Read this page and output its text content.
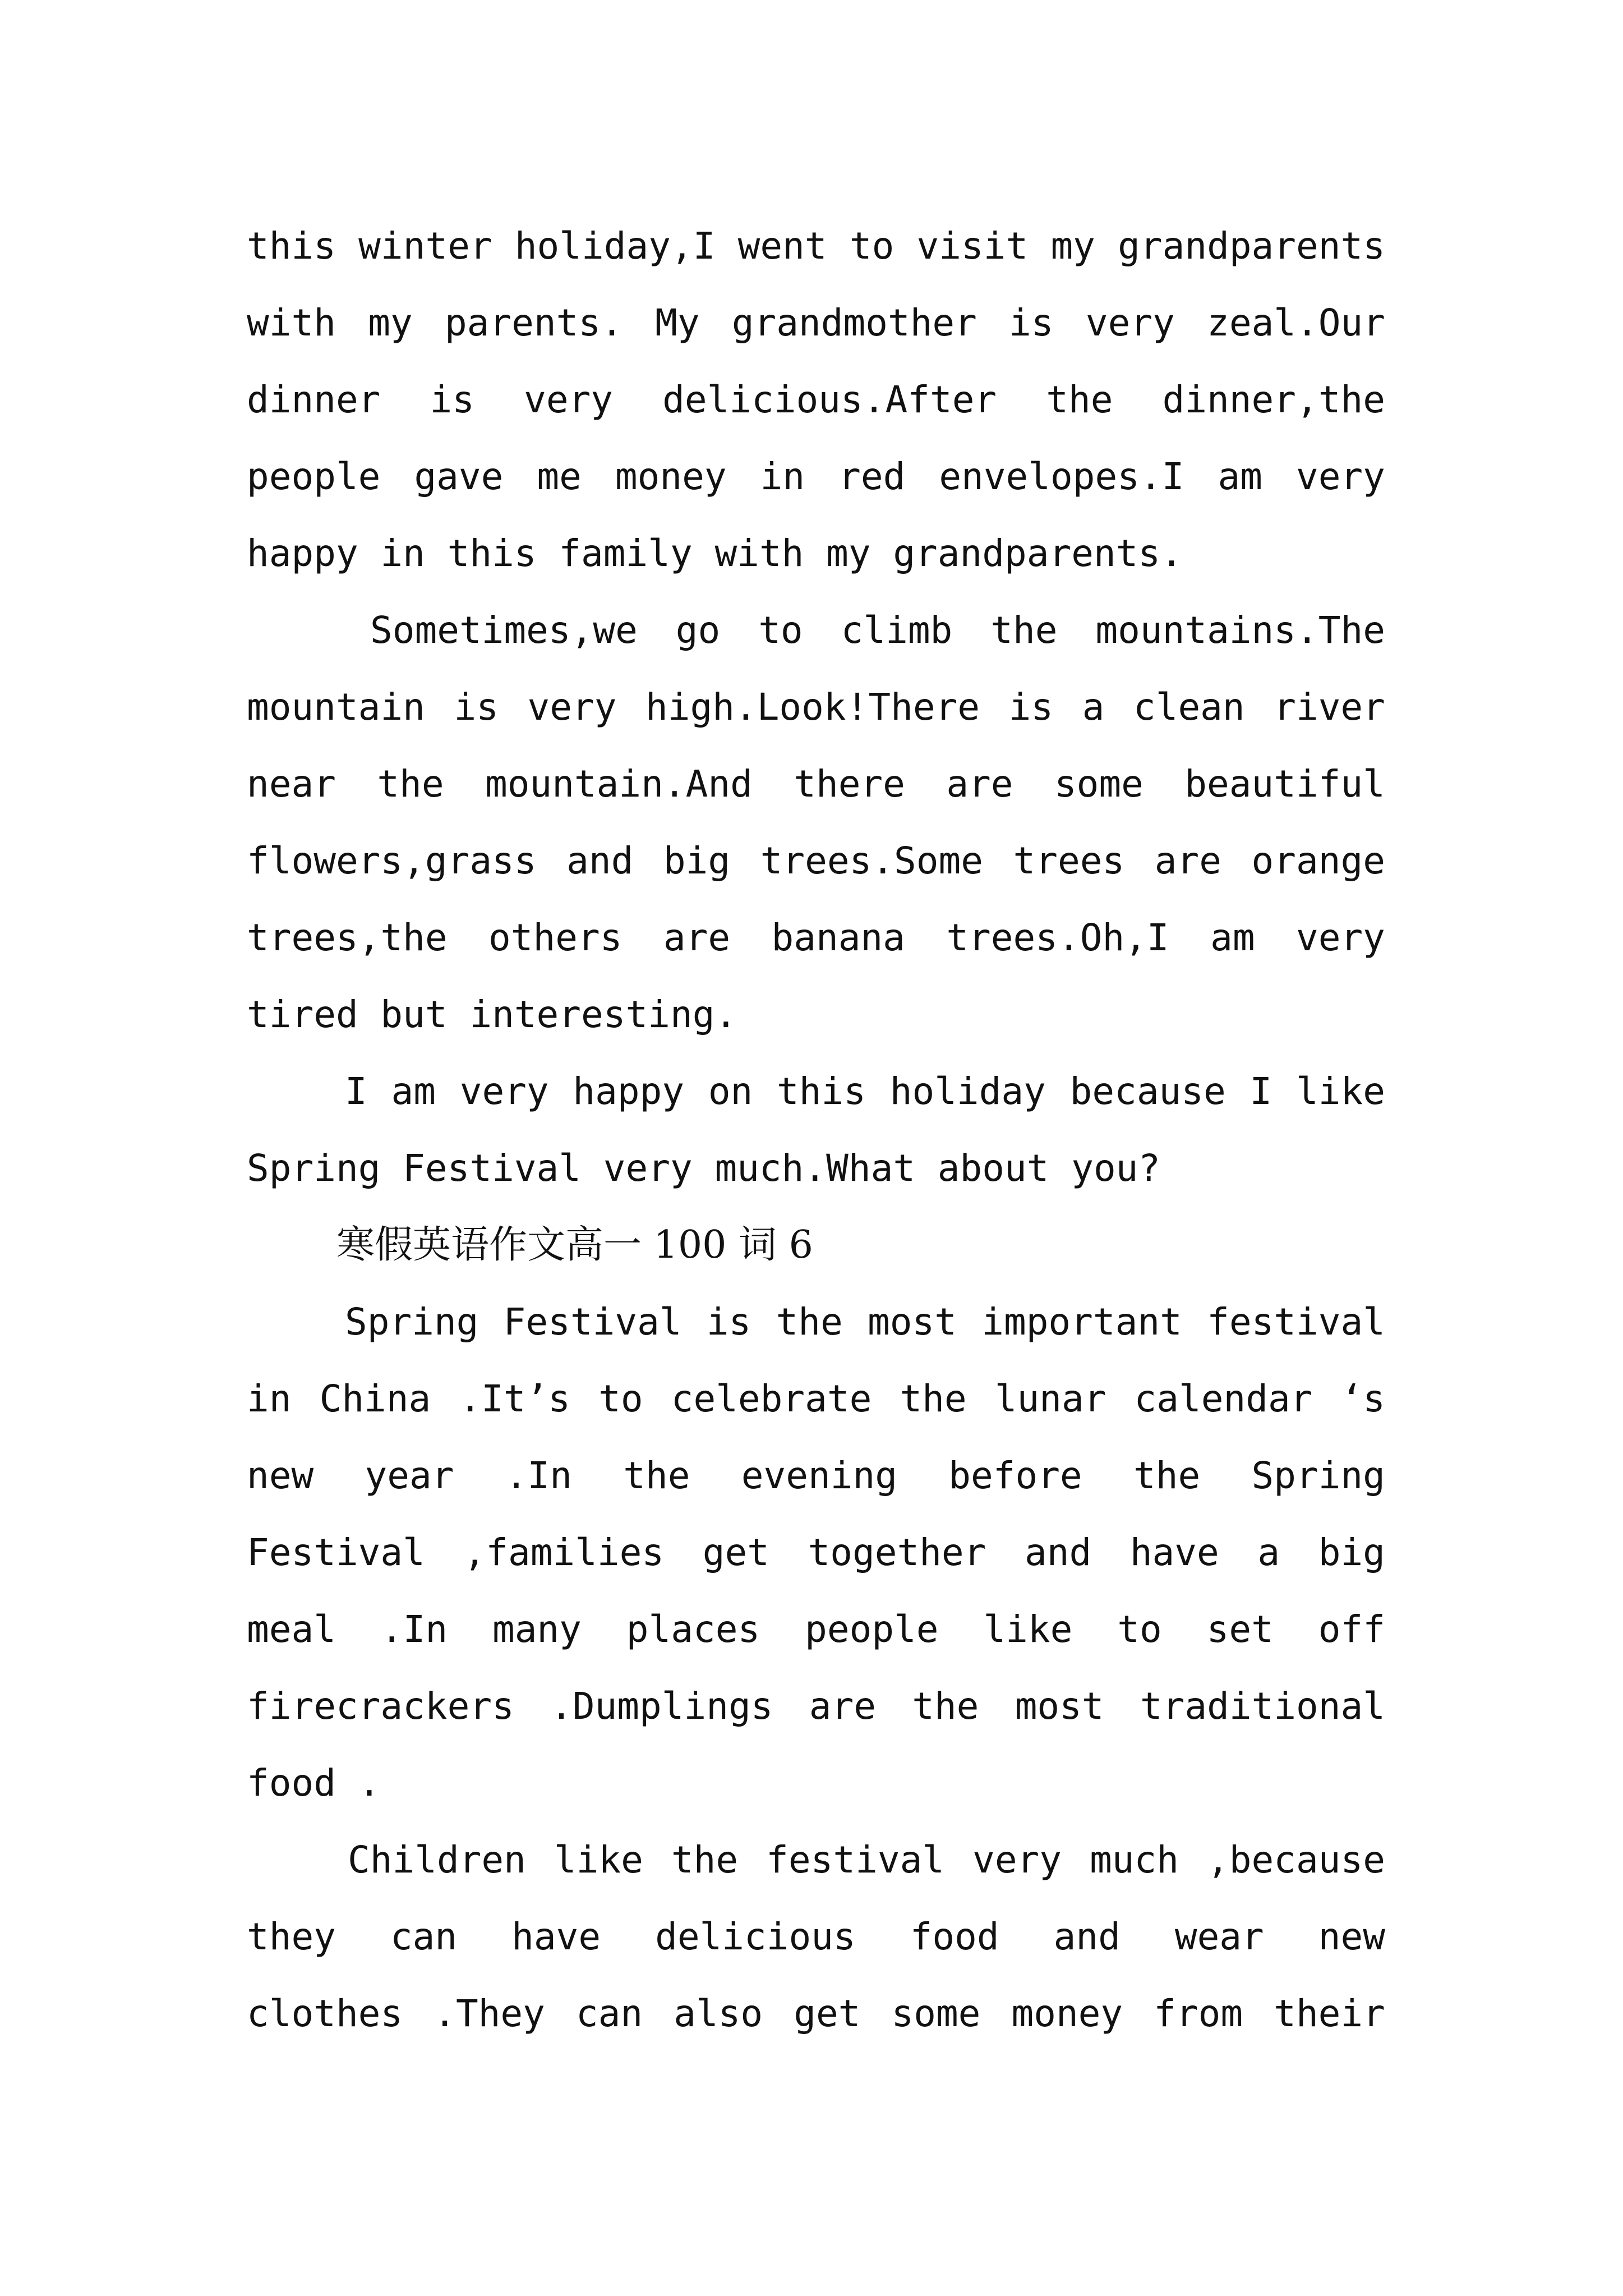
this winter holiday,I went to visit my grandparents
with my parents. My grandmother is very zeal.Our
dinner is very delicious.After the dinner,the
people gave me money in red envelopes.I am very
happy in this family with my grandparents.
Sometimes,we go to climb the mountains.The
mountain is very high.Look!There is a clean river
near the mountain.And there are some beautiful
flowers,grass and big trees.Some trees are orange
trees,the others are banana trees.Oh,I am very
tired but interesting.
I am very happy on this holiday because I like
Spring Festival very much.What about you?
寒假英语作文高一 100 词 6
Spring Festival is the most important festival
in China .It’s to celebrate the lunar calendar ‘s
new year .In the evening before the Spring
Festival ,families get together and have a big
meal .In many places people like to set off
firecrackers .Dumplings are the most traditional
food .
Children like the festival very much ,because
they can have delicious food and wear new
clothes .They can also get some money from their
